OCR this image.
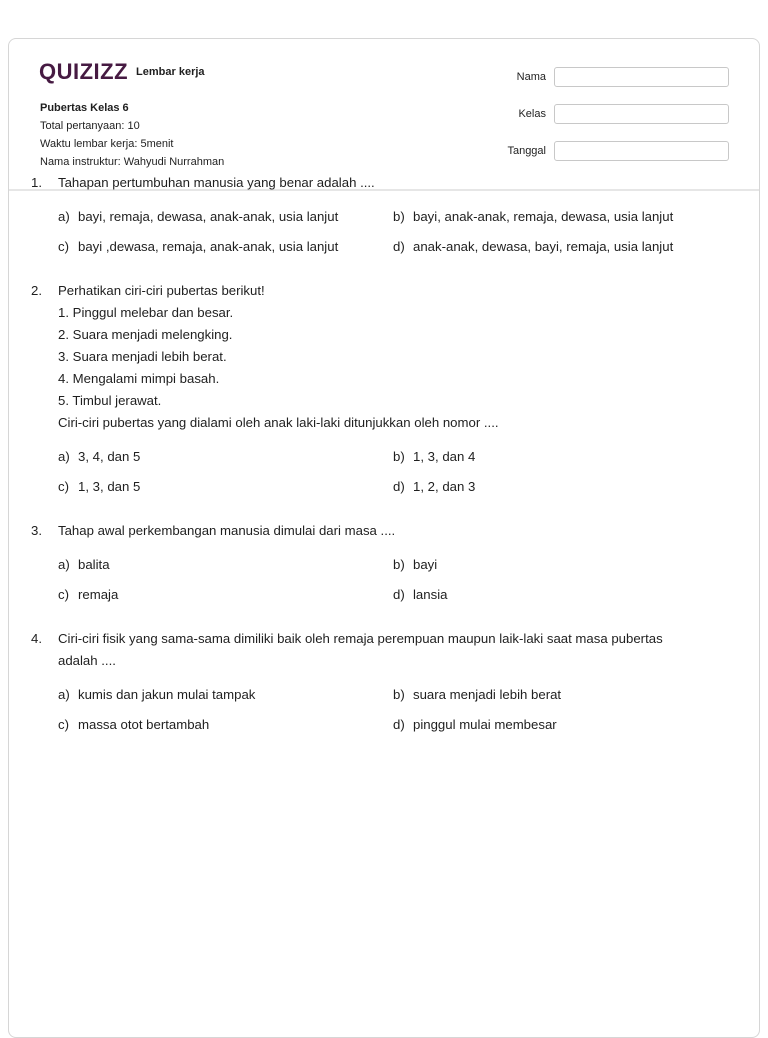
QUIZIZZ Lembar kerja
Pubertas Kelas 6
Total pertanyaan: 10
Waktu lembar kerja: 5menit
Nama instruktur: Wahyudi Nurrahman
Nama
Kelas
Tanggal
1.	Tahapan pertumbuhan manusia yang benar adalah ....
a) bayi, remaja, dewasa, anak-anak, usia lanjut	b) bayi, anak-anak, remaja, dewasa, usia lanjut
c) bayi ,dewasa, remaja, anak-anak, usia lanjut	d) anak-anak, dewasa, bayi, remaja, usia lanjut
2.	Perhatikan ciri-ciri pubertas berikut!
1. Pinggul melebar dan besar.
2. Suara menjadi melengking.
3. Suara menjadi lebih berat.
4. Mengalami mimpi basah.
5. Timbul jerawat.
Ciri-ciri pubertas yang dialami oleh anak laki-laki ditunjukkan oleh nomor ....
a) 3, 4, dan 5	b) 1, 3, dan 4
c) 1, 3, dan 5	d) 1, 2, dan 3
3.	Tahap awal perkembangan manusia dimulai dari masa ....
a) balita	b) bayi
c) remaja	d) lansia
4.	Ciri-ciri fisik yang sama-sama dimiliki baik oleh remaja perempuan maupun laik-laki saat masa pubertas
adalah ....
a) kumis dan jakun mulai tampak	b) suara menjadi lebih berat
c) massa otot bertambah	d) pinggul mulai membesar
